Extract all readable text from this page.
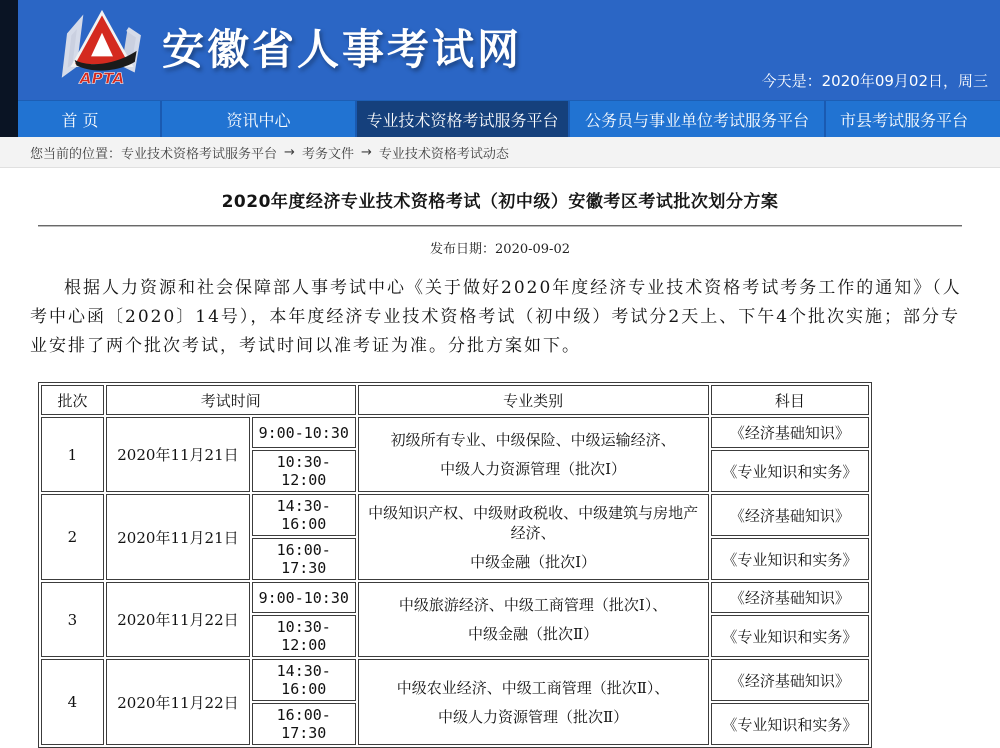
APTA
安徽省人事考试网
今天是：2020年09月02日，周三
首 页	资讯中心	专业技术资格考试服务平台	公务员与事业单位考试服务平台	市县考试服务平台
您当前的位置： 专业技术资格考试服务平台 → 考务文件 → 专业技术资格考试动态
2020年度经济专业技术资格考试（初中级）安徽考区考试批次划分方案
发布日期：2020-09-02

根据人力资源和社会保障部人事考试中心《关于做好2020年度经济专业技术资格考试考务工作的通知》（人考中心函〔2020〕14号），本年度经济专业技术资格考试（初中级）考试分2天上、下午4个批次实施；部分专业安排了两个批次考试，考试时间以准考证为准。分批方案如下。

批次	考试时间		专业类别	科目
1	2020年11月21日	9:00-10:30	初级所有专业、中级保险、中级运输经济、
中级人力资源管理（批次Ⅰ）	《经济基础知识》
		10:30-12:00		《专业知识和实务》
2	2020年11月21日	14:30-16:00	中级知识产权、中级财政税收、中级建筑与房地产经济、
中级金融（批次Ⅰ）	《经济基础知识》
		16:00-17:30		《专业知识和实务》
3	2020年11月22日	9:00-10:30	中级旅游经济、中级工商管理（批次Ⅰ）、
中级金融（批次Ⅱ）	《经济基础知识》
		10:30-12:00		《专业知识和实务》
4	2020年11月22日	14:30-16:00	中级农业经济、中级工商管理（批次Ⅱ）、
中级人力资源管理（批次Ⅱ）	《经济基础知识》
		16:00-17:30		《专业知识和实务》
